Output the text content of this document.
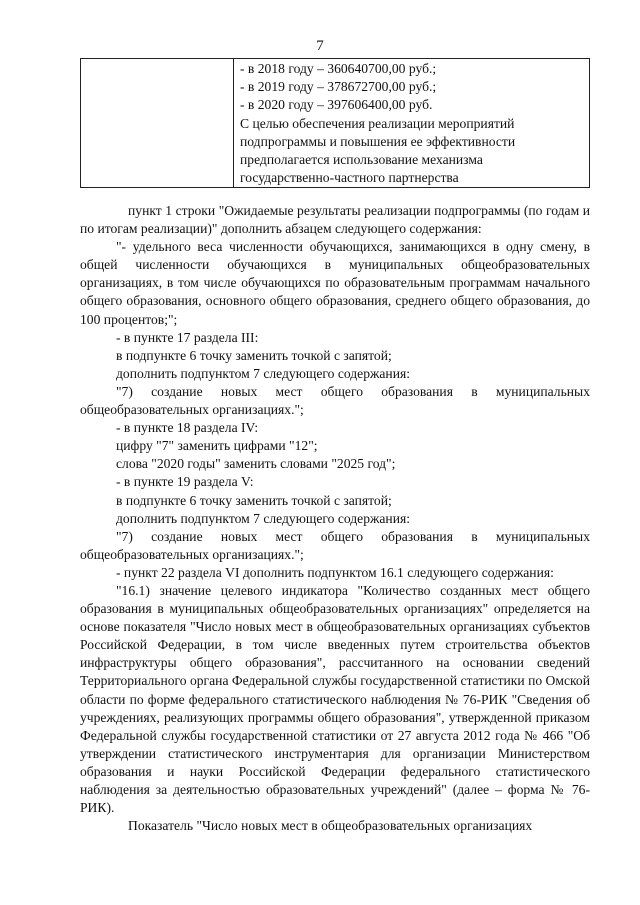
7

- в 2018 году – 360640700,00 руб.;
- в 2019 году – 378672700,00 руб.;
- в 2020 году – 397606400,00 руб.
С целью обеспечения реализации мероприятий
подпрограммы и повышения ее эффективности
предполагается использование механизма
государственно-частного партнерства

пункт 1 строки "Ожидаемые результаты реализации подпрограммы (по годам и по итогам реализации)" дополнить абзацем следующего содержания:

"- удельного веса численности обучающихся, занимающихся в одну смену, в общей численности обучающихся в муниципальных общеобразовательных организациях, в том числе обучающихся по образовательным программам начального общего образования, основного общего образования, среднего общего образования, до 100 процентов;";

- в пункте 17 раздела III:

в подпункте 6 точку заменить точкой с запятой;

дополнить подпунктом 7 следующего содержания:

"7) создание новых мест общего образования в муниципальных общеобразовательных организациях.";

- в пункте 18 раздела IV:

цифру "7" заменить цифрами "12";

слова "2020 годы" заменить словами "2025 год";

- в пункте 19 раздела V:

в подпункте 6 точку заменить точкой с запятой;

дополнить подпунктом 7 следующего содержания:

"7) создание новых мест общего образования в муниципальных общеобразовательных организациях.";

- пункт 22 раздела VI дополнить подпунктом 16.1 следующего содержания:

"16.1) значение целевого индикатора "Количество созданных мест общего образования в муниципальных общеобразовательных организациях" определяется на основе показателя "Число новых мест в общеобразовательных организациях субъектов Российской Федерации, в том числе введенных путем строительства объектов инфраструктуры общего образования", рассчитанного на основании сведений Территориального органа Федеральной службы государственной статистики по Омской области по форме федерального статистического наблюдения № 76-РИК "Сведения об учреждениях, реализующих программы общего образования", утвержденной приказом Федеральной службы государственной статистики от 27 августа 2012 года № 466 "Об утверждении статистического инструментария для организации Министерством образования и науки Российской Федерации федерального статистического наблюдения за деятельностью образовательных учреждений" (далее – форма № 76-РИК).

Показатель "Число новых мест в общеобразовательных организациях
